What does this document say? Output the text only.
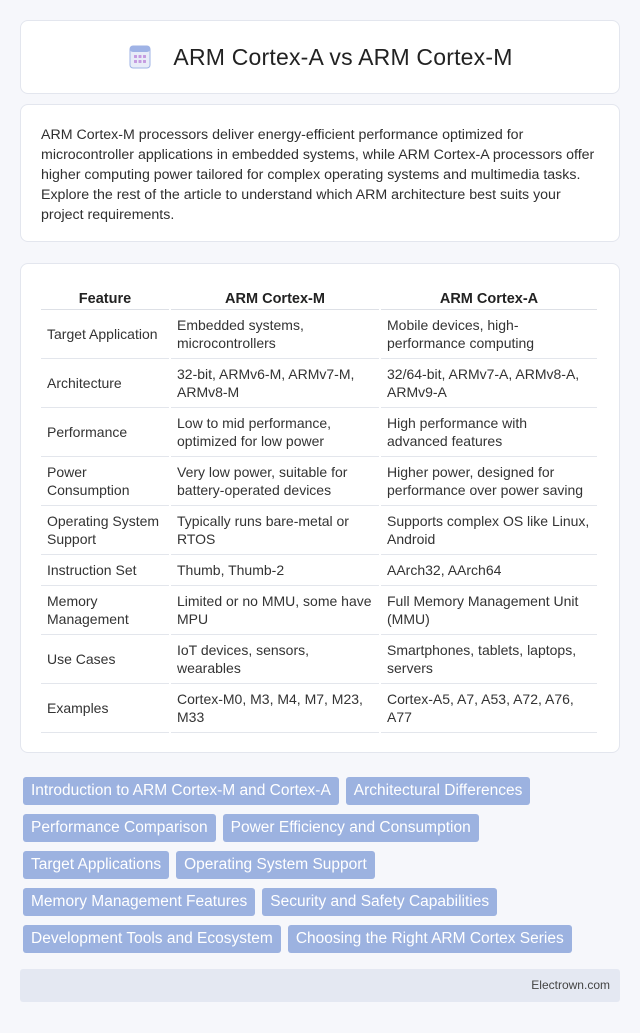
ARM Cortex-A vs ARM Cortex-M

ARM Cortex-M processors deliver energy-efficient performance optimized for microcontroller applications in embedded systems, while ARM Cortex-A processors offer higher computing power tailored for complex operating systems and multimedia tasks. Explore the rest of the article to understand which ARM architecture best suits your project requirements.

Feature	ARM Cortex-M	ARM Cortex-A
Target Application	Embedded systems, microcontrollers	Mobile devices, high-performance computing
Architecture	32-bit, ARMv6-M, ARMv7-M, ARMv8-M	32/64-bit, ARMv7-A, ARMv8-A, ARMv9-A
Performance	Low to mid performance, optimized for low power	High performance with advanced features
Power Consumption	Very low power, suitable for battery-operated devices	Higher power, designed for performance over power saving
Operating System Support	Typically runs bare-metal or RTOS	Supports complex OS like Linux, Android
Instruction Set	Thumb, Thumb-2	AArch32, AArch64
Memory Management	Limited or no MMU, some have MPU	Full Memory Management Unit (MMU)
Use Cases	IoT devices, sensors, wearables	Smartphones, tablets, laptops, servers
Examples	Cortex-M0, M3, M4, M7, M23, M33	Cortex-A5, A7, A53, A72, A76, A77
Introduction to ARM Cortex-M and Cortex-A	Architectural Differences
Performance Comparison	Power Efficiency and Consumption
Target Applications	Operating System Support
Memory Management Features	Security and Safety Capabilities
Development Tools and Ecosystem	Choosing the Right ARM Cortex Series
Electrown.com
